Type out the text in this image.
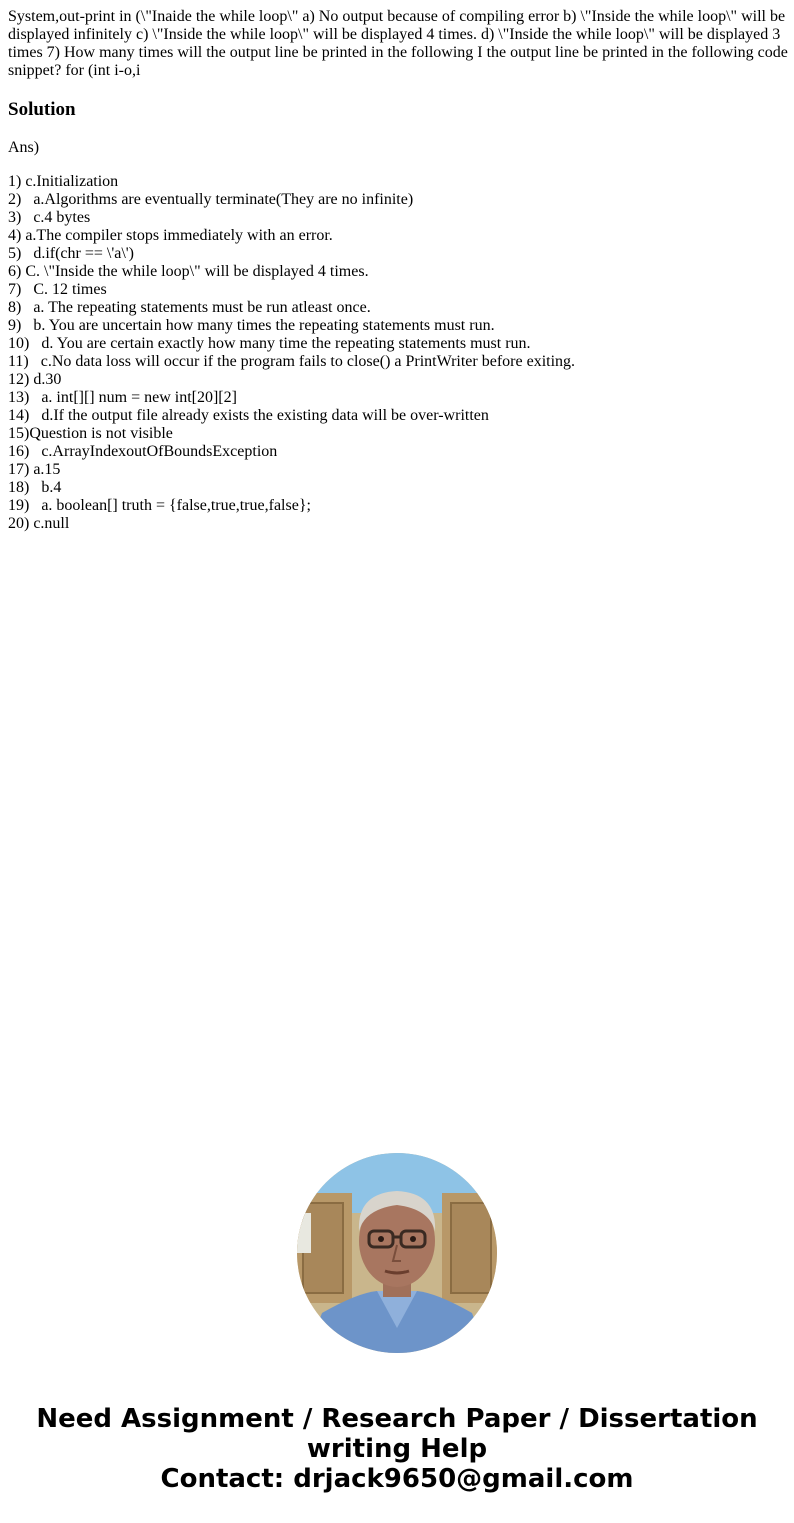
System,out-print in (\"Inaide the while loop\" a) No output because of compiling error b) \"Inside the while loop\" will be displayed infinitely c) \"Inside the while loop\" will be displayed 4 times. d) \"Inside the while loop\" will be displayed 3 times 7) How many times will the output line be printed in the following I the output line be printed in the following code snippet? for (int i-o,i

Solution

Ans)

1) c.Initialization
2)   a.Algorithms are eventually terminate(They are no infinite)
3)   c.4 bytes
4) a.The compiler stops immediately with an error.
5)   d.if(chr == \'a\')
6) C. \"Inside the while loop\" will be displayed 4 times.
7)   C. 12 times
8)   a. The repeating statements must be run atleast once.
9)   b. You are uncertain how many times the repeating statements must run.
10)   d. You are certain exactly how many time the repeating statements must run.
11)   c.No data loss will occur if the program fails to close() a PrintWriter before exiting.
12) d.30
13)   a. int[][] num = new int[20][2]
14)   d.If the output file already exists the existing data will be over-written
15)Question is not visible
16)   c.ArrayIndexoutOfBoundsException
17) a.15
18)   b.4
19)   a. boolean[] truth = {false,true,true,false};
20) c.null

Need Assignment / Research Paper / Dissertation
writing Help
Contact: drjack9650@gmail.com
